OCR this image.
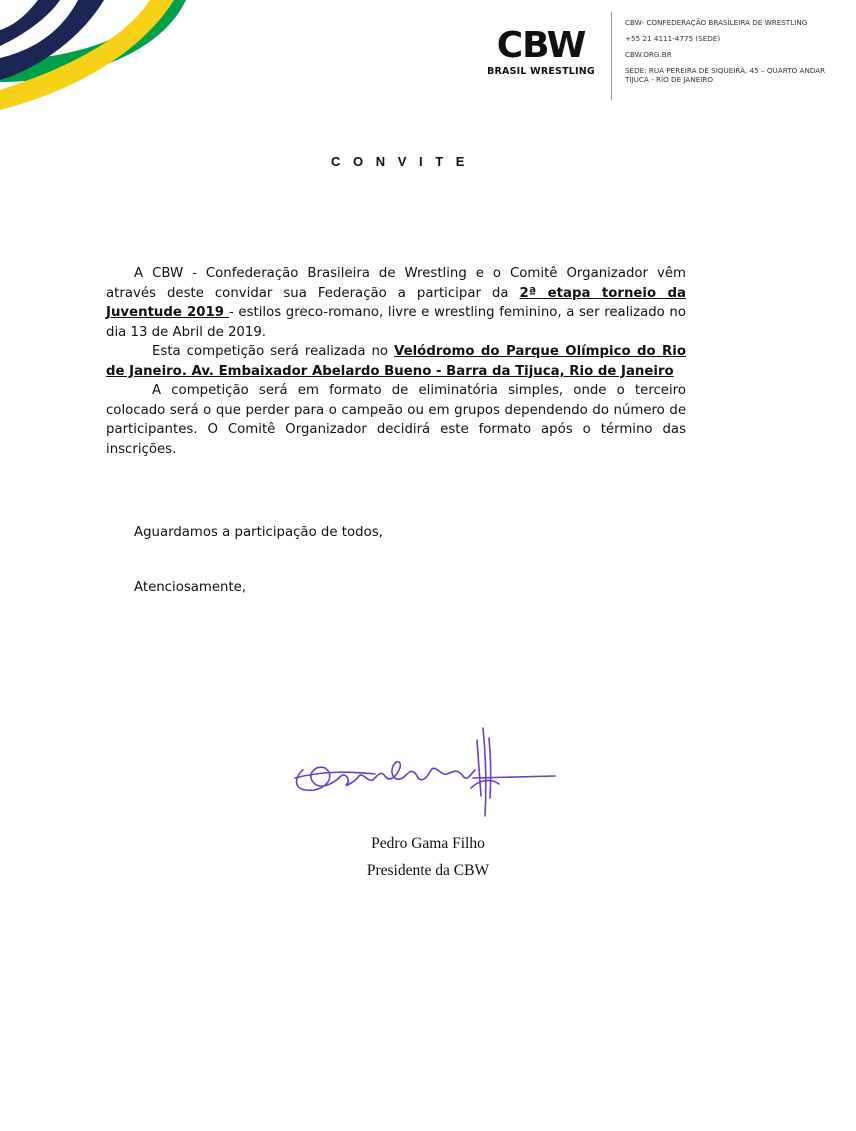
CBW
BRASIL WRESTLING
CBW- CONFEDERAÇÃO BRASILEIRA DE WRESTLING
+55 21 4111-4775 (SEDE)
CBW.ORG.BR
SEDE: RUA PEREIRA DE SIQUEIRA, 45 – QUARTO ANDAR
TIJUCA - RIO DE JANEIRO
C O N V I T E

A CBW - Confederação Brasileira de Wrestling e o Comitê Organizador vêm através deste convidar sua Federação a participar da 2ª etapa torneio da Juventude 2019 - estilos greco-romano, livre e wrestling feminino, a ser realizado no dia 13 de Abril de 2019.

Esta competição será realizada no Velódromo do Parque Olímpico do Rio de Janeiro. Av. Embaixador Abelardo Bueno - Barra da Tijuca, Rio de Janeiro

A competição será em formato de eliminatória simples, onde o terceiro colocado será o que perder para o campeão ou em grupos dependendo do número de participantes. O Comitê Organizador decidirá este formato após o término das inscrições.

Aguardamos a participação de todos,
Atenciosamente,
Pedro Gama Filho
Presidente da CBW
